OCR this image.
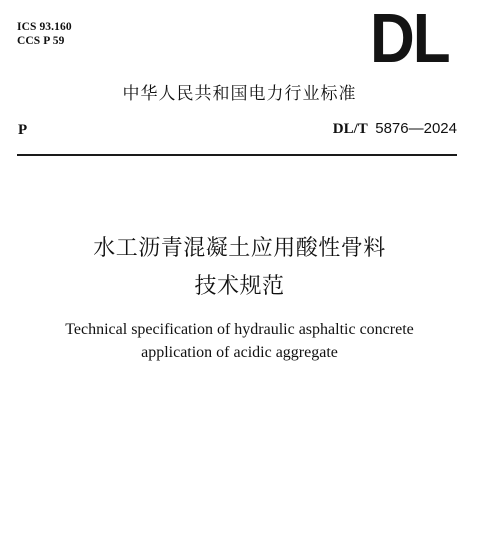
ICS 93.160
CCS P 59	DL
中华人民共和国电力行业标准
P	DL/T 5876—2024
水工沥青混凝土应用酸性骨料
技术规范
Technical specification of hydraulic asphaltic concrete
application of acidic aggregate
